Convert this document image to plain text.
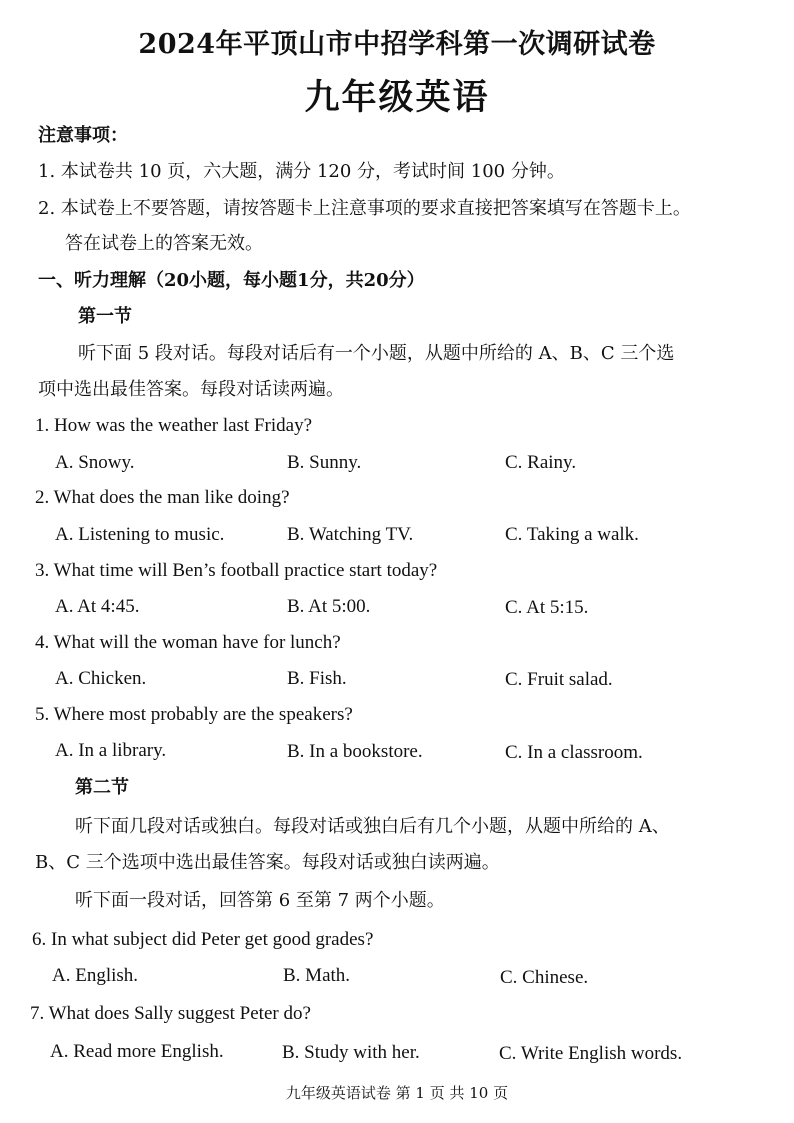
2024年平顶山市中招学科第一次调研试卷
九年级英语
注意事项：
1. 本试卷共 10 页，六大题，满分 120 分，考试时间 100 分钟。
2. 本试卷上不要答题，请按答题卡上注意事项的要求直接把答案填写在答题卡上。
答在试卷上的答案无效。
一、听力理解（20小题，每小题1分，共20分）
第一节
听下面 5 段对话。每段对话后有一个小题，从题中所给的 A、B、C 三个选
项中选出最佳答案。每段对话读两遍。
1. How was the weather last Friday?
A. Snowy.	B. Sunny.	C. Rainy.
2. What does the man like doing?
A. Listening to music.	B. Watching TV.	C. Taking a walk.
3. What time will Ben’s football practice start today?
A. At 4:45.	B. At 5:00.	C. At 5:15.
4. What will the woman have for lunch?
A. Chicken.	B. Fish.	C. Fruit salad.
5. Where most probably are the speakers?
A. In a library.	B. In a bookstore.	C. In a classroom.
第二节
听下面几段对话或独白。每段对话或独白后有几个小题，从题中所给的 A、
B、C 三个选项中选出最佳答案。每段对话或独白读两遍。
听下面一段对话，回答第 6 至第 7 两个小题。
6. In what subject did Peter get good grades?
A. English.	B. Math.	C. Chinese.
7. What does Sally suggest Peter do?
A. Read more English.	B. Study with her.	C. Write English words.
九年级英语试卷 第 1 页 共 10 页
